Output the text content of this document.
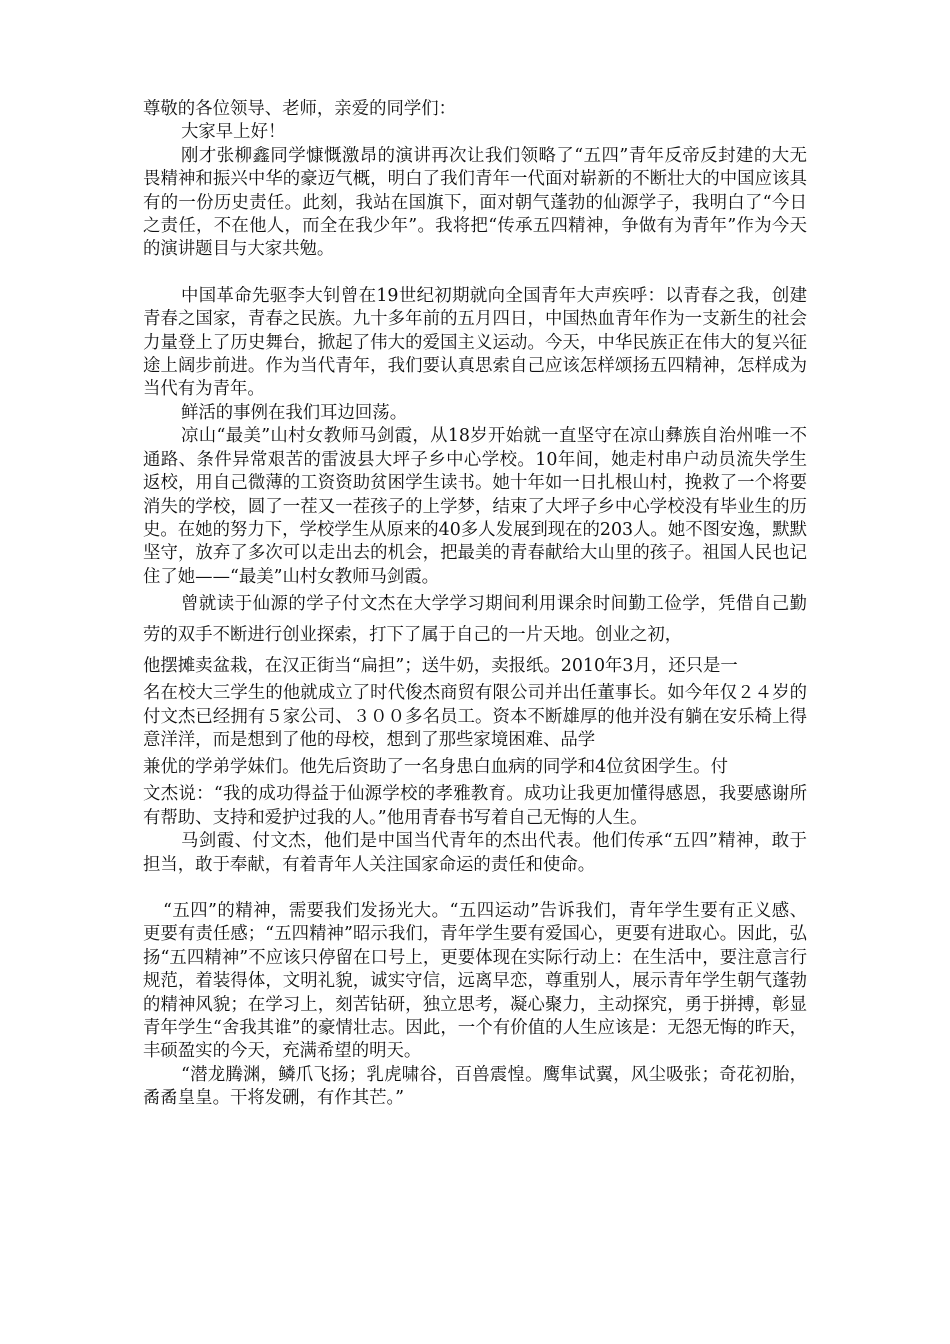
尊敬的各位领导、老师，亲爱的同学们：

大家早上好！

刚才张柳鑫同学慷慨激昂的演讲再次让我们领略了“五四”青年反帝反封建的大无畏精神和振兴中华的豪迈气概，明白了我们青年一代面对崭新的不断壮大的中国应该具有的一份历史责任。此刻，我站在国旗下，面对朝气蓬勃的仙源学子，我明白了“今日之责任，不在他人，而全在我少年”。我将把“传承五四精神，争做有为青年”作为今天的演讲题目与大家共勉。

中国革命先驱李大钊曾在19世纪初期就向全国青年大声疾呼：以青春之我，创建青春之国家，青春之民族。九十多年前的五月四日，中国热血青年作为一支新生的社会力量登上了历史舞台，掀起了伟大的爱国主义运动。今天，中华民族正在伟大的复兴征途上阔步前进。作为当代青年，我们要认真思索自己应该怎样颂扬五四精神，怎样成为当代有为青年。

鲜活的事例在我们耳边回荡。

凉山“最美”山村女教师马剑霞，从18岁开始就一直坚守在凉山彝族自治州唯一不通路、条件异常艰苦的雷波县大坪子乡中心学校。10年间，她走村串户动员流失学生返校，用自己微薄的工资资助贫困学生读书。她十年如一日扎根山村，挽救了一个将要消失的学校，圆了一茬又一茬孩子的上学梦，结束了大坪子乡中心学校没有毕业生的历史。在她的努力下，学校学生从原来的40多人发展到现在的203人。她不图安逸，默默坚守，放弃了多次可以走出去的机会，把最美的青春献给大山里的孩子。祖国人民也记住了她——“最美”山村女教师马剑霞。

曾就读于仙源的学子付文杰在大学学习期间利用课余时间勤工俭学，凭借自己勤劳的双手不断进行创业探索，打下了属于自己的一片天地。创业之初，

他摆摊卖盆栽，在汉正街当“扁担”；送牛奶，卖报纸。2010年3月，还只是一

名在校大三学生的他就成立了时代俊杰商贸有限公司并出任董事长。如今年仅２４岁的付文杰已经拥有５家公司、３００多名员工。资本不断雄厚的他并没有躺在安乐椅上得意洋洋，而是想到了他的母校，想到了那些家境困难、品学

兼优的学弟学妹们。他先后资助了一名身患白血病的同学和4位贫困学生。付

文杰说：“我的成功得益于仙源学校的孝雅教育。成功让我更加懂得感恩，我要感谢所有帮助、支持和爱护过我的人。”他用青春书写着自己无悔的人生。

马剑霞、付文杰，他们是中国当代青年的杰出代表。他们传承“五四”精神，敢于担当，敢于奉献，有着青年人关注国家命运的责任和使命。

“五四”的精神，需要我们发扬光大。“五四运动”告诉我们，青年学生要有正义感、更要有责任感；“五四精神”昭示我们，青年学生要有爱国心，更要有进取心。因此，弘扬“五四精神”不应该只停留在口号上，更要体现在实际行动上：在生活中，要注意言行规范，着装得体，文明礼貌，诚实守信，远离早恋，尊重别人，展示青年学生朝气蓬勃的精神风貌；在学习上，刻苦钻研，独立思考，凝心聚力，主动探究，勇于拼搏，彰显青年学生“舍我其谁”的豪情壮志。因此，一个有价值的人生应该是：无怨无悔的昨天，丰硕盈实的今天，充满希望的明天。

“潜龙腾渊，鳞爪飞扬；乳虎啸谷，百兽震惶。鹰隼试翼，风尘吸张；奇花初胎，矞矞皇皇。干将发硎，有作其芒。”
